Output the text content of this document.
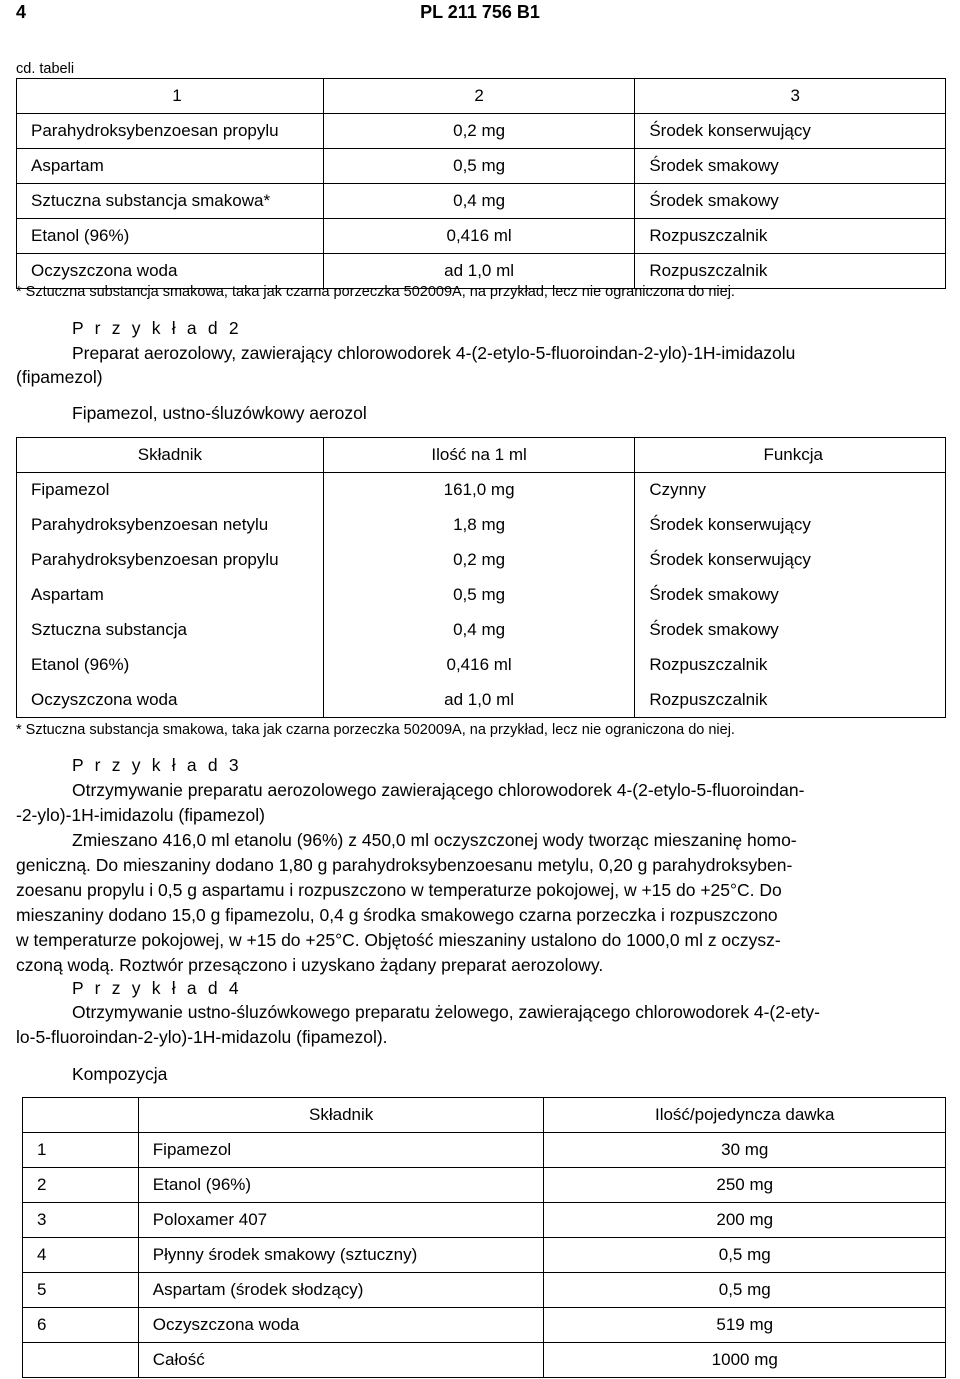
4	PL 211 756 B1
cd. tabeli
1	2	3
Parahydroksybenzoesan propylu	0,2 mg	Środek konserwujący
Aspartam	0,5 mg	Środek smakowy
Sztuczna substancja smakowa*	0,4 mg	Środek smakowy
Etanol (96%)	0,416 ml	Rozpuszczalnik
Oczyszczona woda	ad 1,0 ml	Rozpuszczalnik
* Sztuczna substancja smakowa, taka jak czarna porzeczka 502009A, na przykład, lecz nie ograniczona do niej.
P r z y k ł a d 2
Preparat aerozolowy, zawierający chlorowodorek 4-(2-etylo-5-fluoroindan-2-ylo)-1H-imidazolu
(fipamezol)
Fipamezol, ustno-śluzówkowy aerozol
Składnik	Ilość na 1 ml	Funkcja
Fipamezol	161,0 mg	Czynny
Parahydroksybenzoesan netylu	1,8 mg	Środek konserwujący
Parahydroksybenzoesan propylu	0,2 mg	Środek konserwujący
Aspartam	0,5 mg	Środek smakowy
Sztuczna substancja	0,4 mg	Środek smakowy
Etanol (96%)	0,416 ml	Rozpuszczalnik
Oczyszczona woda	ad 1,0 ml	Rozpuszczalnik
* Sztuczna substancja smakowa, taka jak czarna porzeczka 502009A, na przykład, lecz nie ograniczona do niej.
P r z y k ł a d 3
Otrzymywanie preparatu aerozolowego zawierającego chlorowodorek 4-(2-etylo-5-fluoroindan-
-2-ylo)-1H-imidazolu (fipamezol)
Zmieszano 416,0 ml etanolu (96%) z 450,0 ml oczyszczonej wody tworząc mieszaninę homo-
geniczną. Do mieszaniny dodano 1,80 g parahydroksybenzoesanu metylu, 0,20 g parahydroksyben-
zoesanu propylu i 0,5 g aspartamu i rozpuszczono w temperaturze pokojowej, w +15 do +25°C. Do
mieszaniny dodano 15,0 g fipamezolu, 0,4 g środka smakowego czarna porzeczka i rozpuszczono
w temperaturze pokojowej, w +15 do +25°C. Objętość mieszaniny ustalono do 1000,0 ml z oczysz-
czoną wodą. Roztwór przesączono i uzyskano żądany preparat aerozolowy.
P r z y k ł a d 4
Otrzymywanie ustno-śluzówkowego preparatu żelowego, zawierającego chlorowodorek 4-(2-ety-
lo-5-fluoroindan-2-ylo)-1H-midazolu (fipamezol).
Kompozycja
	Składnik	Ilość/pojedyncza dawka
1	Fipamezol	30 mg
2	Etanol (96%)	250 mg
3	Poloxamer 407	200 mg
4	Płynny środek smakowy (sztuczny)	0,5 mg
5	Aspartam (środek słodzący)	0,5 mg
6	Oczyszczona woda	519 mg
	Całość	1000 mg
